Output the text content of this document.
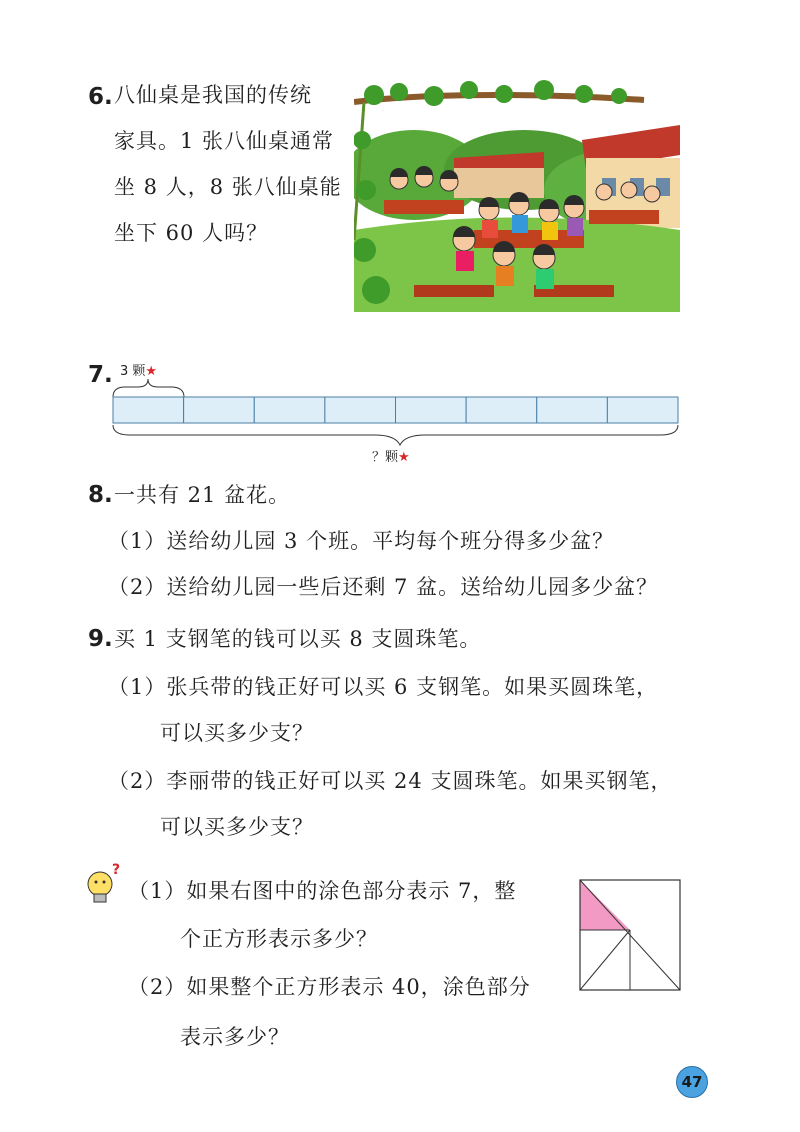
6. 八仙桌是我国的传统
家具。1 张八仙桌通常
坐 8 人，8 张八仙桌能
坐下 60 人吗？
7. 3 颗★
？颗★
8. 一共有 21 盆花。
（1）送给幼儿园 3 个班。平均每个班分得多少盆？
（2）送给幼儿园一些后还剩 7 盆。送给幼儿园多少盆？
9. 买 1 支钢笔的钱可以买 8 支圆珠笔。
（1）张兵带的钱正好可以买 6 支钢笔。如果买圆珠笔，
可以买多少支？
（2）李丽带的钱正好可以买 24 支圆珠笔。如果买钢笔，
可以买多少支？
?
（1）如果右图中的涂色部分表示 7，整
个正方形表示多少？
（2）如果整个正方形表示 40，涂色部分
表示多少？
47
